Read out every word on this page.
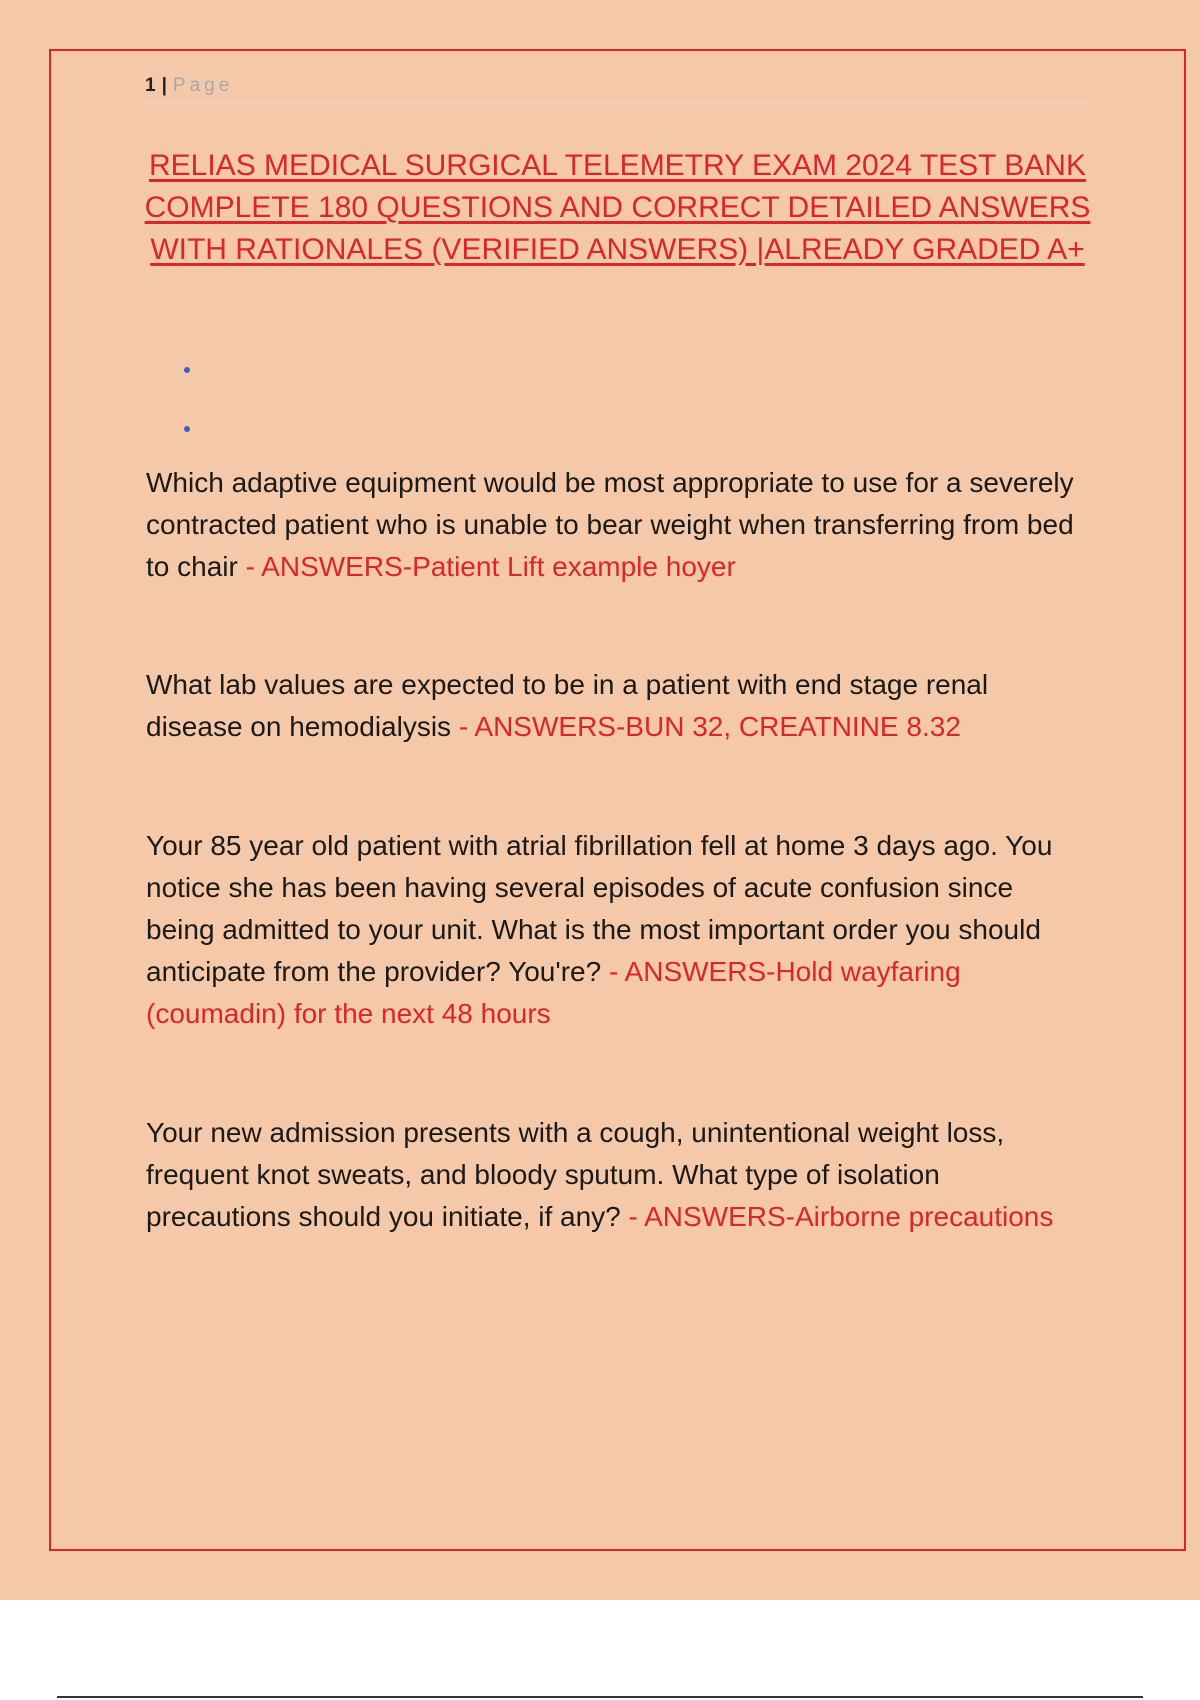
1 | Page
RELIAS MEDICAL SURGICAL TELEMETRY EXAM 2024 TEST BANK COMPLETE 180 QUESTIONS AND CORRECT DETAILED ANSWERS WITH RATIONALES (VERIFIED ANSWERS) |ALREADY GRADED A+

Which adaptive equipment would be most appropriate to use for a severely contracted patient who is unable to bear weight when transferring from bed to chair - ANSWERS-Patient Lift example hoyer

What lab values are expected to be in a patient with end stage renal disease on hemodialysis - ANSWERS-BUN 32, CREATNINE 8.32

Your 85 year old patient with atrial fibrillation fell at home 3 days ago. You notice she has been having several episodes of acute confusion since being admitted to your unit. What is the most important order you should anticipate from the provider? You're? - ANSWERS-Hold wayfaring (coumadin) for the next 48 hours

Your new admission presents with a cough, unintentional weight loss, frequent knot sweats, and bloody sputum. What type of isolation precautions should you initiate, if any? - ANSWERS-Airborne precautions
